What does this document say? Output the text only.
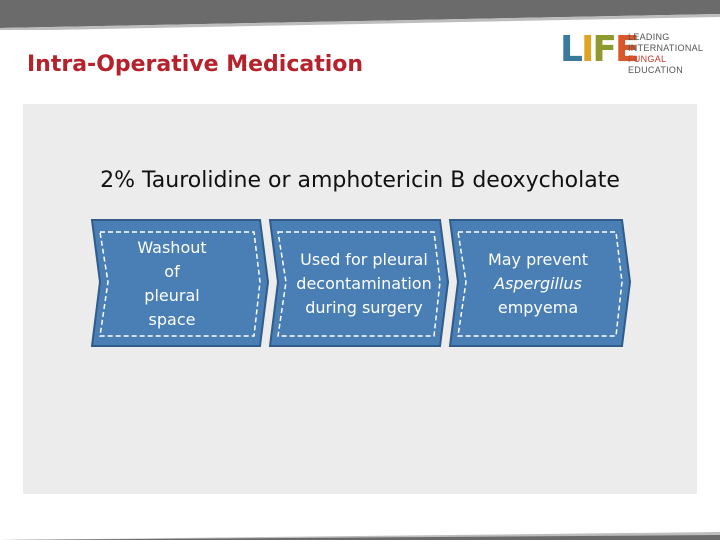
Intra-Operative Medication	LIFE
LEADING
INTERNATIONAL
FUNGAL
EDUCATION
2% Taurolidine or amphotericin B deoxycholate
Washout
of
pleural
space
Used for pleural
decontamination
during surgery
May prevent
Aspergillus
empyema
